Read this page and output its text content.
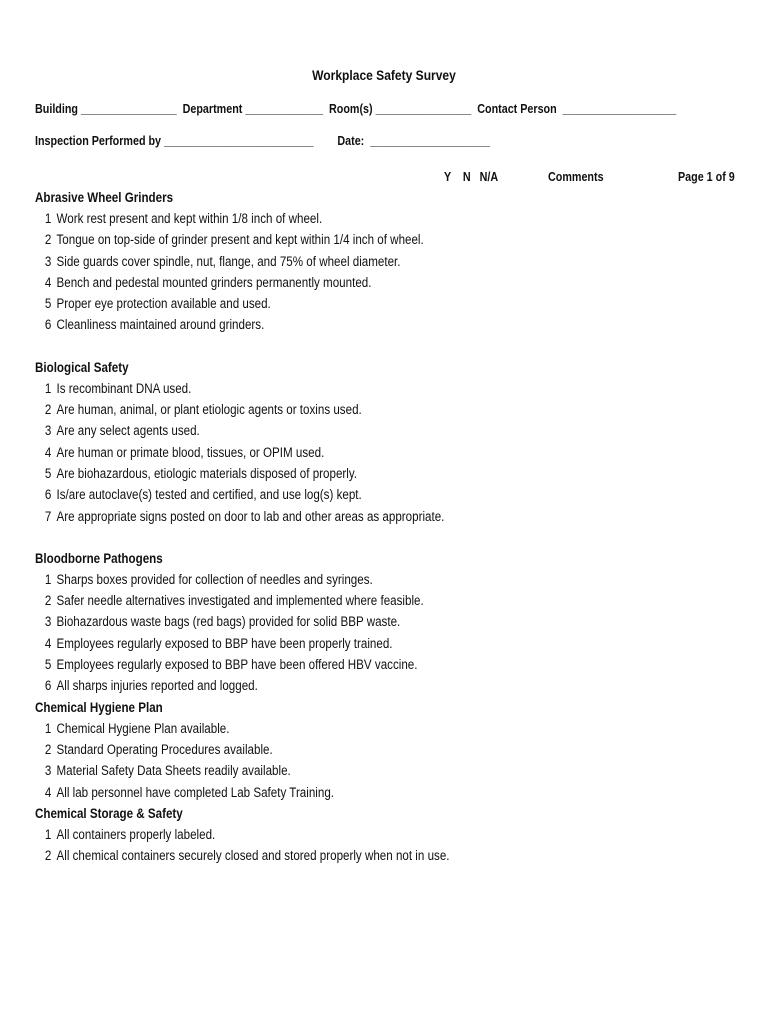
Workplace Safety Survey
Building ________________  Department _____________  Room(s) ________________  Contact Person  ___________________
Inspection Performed by _________________________        Date:  ____________________
Y    N   N/A	Comments	Page 1 of 9
Abrasive Wheel Grinders
1 Work rest present and kept within 1/8 inch of wheel.
2 Tongue on top-side of grinder present and kept within 1/4 inch of wheel.
3 Side guards cover spindle, nut, flange, and 75% of wheel diameter.
4 Bench and pedestal mounted grinders permanently mounted.
5 Proper eye protection available and used.
6 Cleanliness maintained around grinders.
Biological Safety
1 Is recombinant DNA used.
2 Are human, animal, or plant etiologic agents or toxins used.
3 Are any select agents used.
4 Are human or primate blood, tissues, or OPIM used.
5 Are biohazardous, etiologic materials disposed of properly.
6 Is/are autoclave(s) tested and certified, and use log(s) kept.
7 Are appropriate signs posted on door to lab and other areas as appropriate.
Bloodborne Pathogens
1 Sharps boxes provided for collection of needles and syringes.
2 Safer needle alternatives investigated and implemented where feasible.
3 Biohazardous waste bags (red bags) provided for solid BBP waste.
4 Employees regularly exposed to BBP have been properly trained.
5 Employees regularly exposed to BBP have been offered HBV vaccine.
6 All sharps injuries reported and logged.
Chemical Hygiene Plan
1 Chemical Hygiene Plan available.
2 Standard Operating Procedures available.
3 Material Safety Data Sheets readily available.
4 All lab personnel have completed Lab Safety Training.
Chemical Storage & Safety
1 All containers properly labeled.
2 All chemical containers securely closed and stored properly when not in use.
